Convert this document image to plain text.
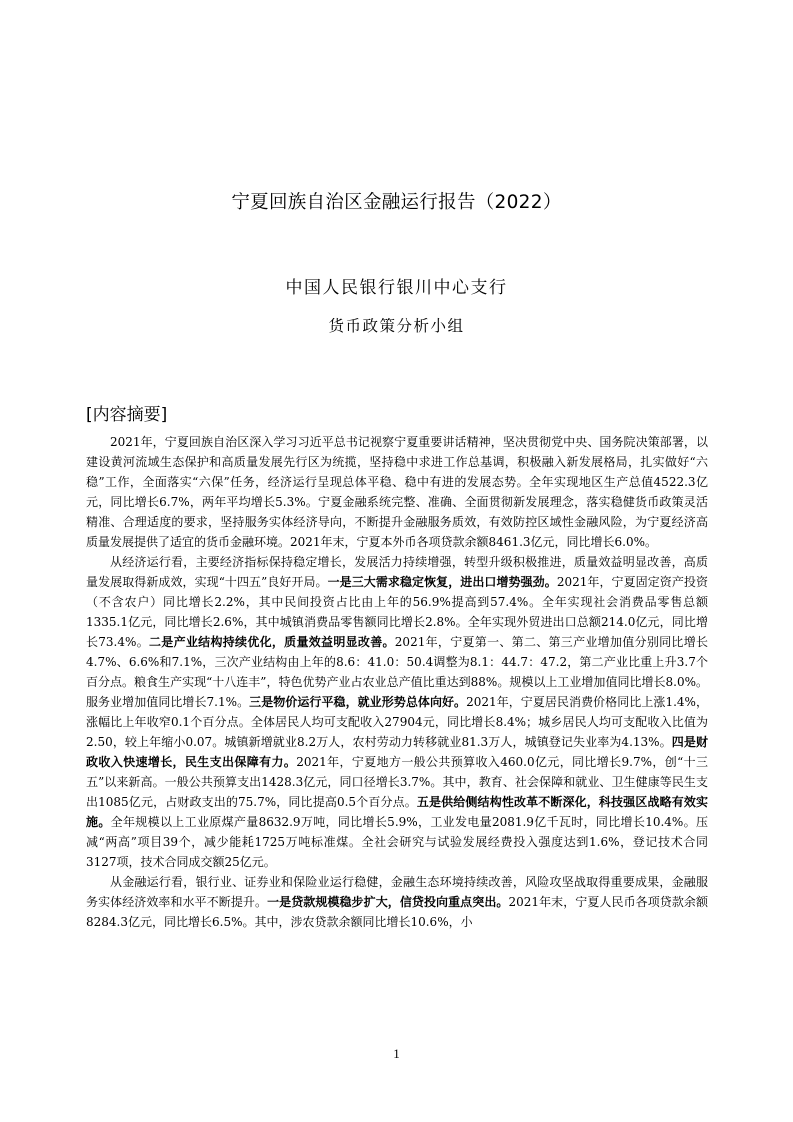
宁夏回族自治区金融运行报告（2022）
中国人民银行银川中心支行
货币政策分析小组
[内容摘要]

2021年，宁夏回族自治区深入学习习近平总书记视察宁夏重要讲话精神，坚决贯彻党中央、国务院决策部署，以建设黄河流域生态保护和高质量发展先行区为统揽，坚持稳中求进工作总基调，积极融入新发展格局，扎实做好“六稳”工作，全面落实“六保”任务，经济运行呈现总体平稳、稳中有进的发展态势。全年实现地区生产总值4522.3亿元，同比增长6.7%，两年平均增长5.3%。宁夏金融系统完整、准确、全面贯彻新发展理念，落实稳健货币政策灵活精准、合理适度的要求，坚持服务实体经济导向，不断提升金融服务质效，有效防控区域性金融风险，为宁夏经济高质量发展提供了适宜的货币金融环境。2021年末，宁夏本外币各项贷款余额8461.3亿元，同比增长6.0%。

从经济运行看，主要经济指标保持稳定增长，发展活力持续增强，转型升级积极推进，质量效益明显改善，高质量发展取得新成效，实现“十四五”良好开局。一是三大需求稳定恢复，进出口增势强劲。2021年，宁夏固定资产投资（不含农户）同比增长2.2%，其中民间投资占比由上年的56.9%提高到57.4%。全年实现社会消费品零售总额1335.1亿元，同比增长2.6%，其中城镇消费品零售额同比增长2.8%。全年实现外贸进出口总额214.0亿元，同比增长73.4%。二是产业结构持续优化，质量效益明显改善。2021年，宁夏第一、第二、第三产业增加值分别同比增长4.7%、6.6%和7.1%，三次产业结构由上年的8.6：41.0：50.4调整为8.1：44.7：47.2，第二产业比重上升3.7个百分点。粮食生产实现“十八连丰”，特色优势产业占农业总产值比重达到88%。规模以上工业增加值同比增长8.0%。服务业增加值同比增长7.1%。三是物价运行平稳，就业形势总体向好。2021年，宁夏居民消费价格同比上涨1.4%，涨幅比上年收窄0.1个百分点。全体居民人均可支配收入27904元，同比增长8.4%；城乡居民人均可支配收入比值为2.50，较上年缩小0.07。城镇新增就业8.2万人，农村劳动力转移就业81.3万人，城镇登记失业率为4.13%。四是财政收入快速增长，民生支出保障有力。2021年，宁夏地方一般公共预算收入460.0亿元，同比增长9.7%，创“十三五”以来新高。一般公共预算支出1428.3亿元，同口径增长3.7%。其中，教育、社会保障和就业、卫生健康等民生支出1085亿元，占财政支出的75.7%，同比提高0.5个百分点。五是供给侧结构性改革不断深化，科技强区战略有效实施。全年规模以上工业原煤产量8632.9万吨，同比增长5.9%，工业发电量2081.9亿千瓦时，同比增长10.4%。压减“两高”项目39个，减少能耗1725万吨标准煤。全社会研究与试验发展经费投入强度达到1.6%，登记技术合同3127项，技术合同成交额25亿元。

从金融运行看，银行业、证券业和保险业运行稳健，金融生态环境持续改善，风险攻坚战取得重要成果，金融服务实体经济效率和水平不断提升。一是贷款规模稳步扩大，信贷投向重点突出。2021年末，宁夏人民币各项贷款余额8284.3亿元，同比增长6.5%。其中，涉农贷款余额同比增长10.6%，小

1
